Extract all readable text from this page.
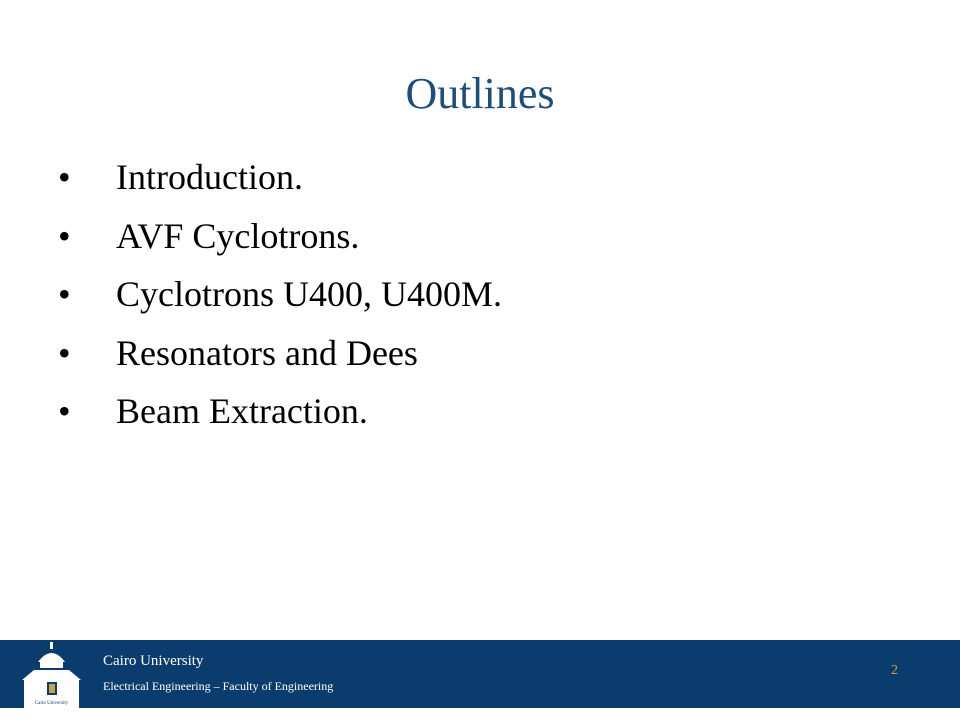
Outlines
•	Introduction.
•	AVF Cyclotrons.
•	Cyclotrons U400, U400M.
•	Resonators and Dees
•	Beam Extraction.
Cairo University
Cairo University
Electrical Engineering – Faculty of Engineering
2
